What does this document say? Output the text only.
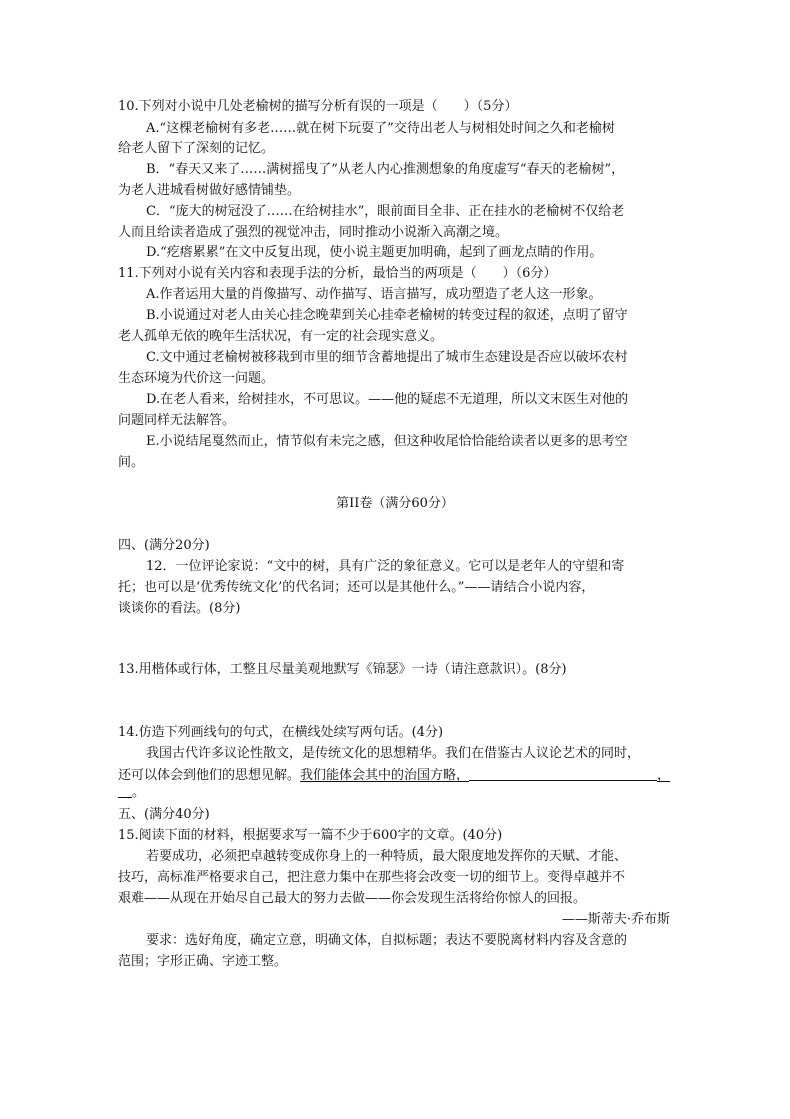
10.下列对小说中几处老榆树的描写分析有误的一项是（　　）（5分）
A.“这棵老榆树有多老……就在树下玩耍了”交待出老人与树相处时间之久和老榆树
给老人留下了深刻的记忆。
B．“春天又来了……满树摇曳了”从老人内心推测想象的角度虚写“春天的老榆树”，
为老人进城看树做好感情铺垫。
C．“庞大的树冠没了……在给树挂水”，眼前面目全非、正在挂水的老榆树不仅给老
人而且给读者造成了强烈的视觉冲击，同时推动小说渐入高潮之境。
D.“疙瘩累累”在文中反复出现，使小说主题更加明确，起到了画龙点睛的作用。
11.下列对小说有关内容和表现手法的分析，最恰当的两项是（　　）（6分）
A.作者运用大量的肖像描写、动作描写、语言描写，成功塑造了老人这一形象。
B.小说通过对老人由关心挂念晚辈到关心挂牵老榆树的转变过程的叙述，点明了留守
老人孤单无依的晚年生活状况，有一定的社会现实意义。
C.文中通过老榆树被移栽到市里的细节含蓄地提出了城市生态建设是否应以破坏农村
生态环境为代价这一问题。
D.在老人看来，给树挂水，不可思议。——他的疑虑不无道理，所以文末医生对他的
问题同样无法解答。
E.小说结尾戛然而止，情节似有未完之感，但这种收尾恰恰能给读者以更多的思考空
间。
第II卷（满分60分）
四、(满分20分)
12．一位评论家说：“文中的树，具有广泛的象征意义。它可以是老年人的守望和寄
托；也可以是‘优秀传统文化’的代名词；还可以是其他什么。”——请结合小说内容，
谈谈你的看法。(8分)
13.用楷体或行体，工整且尽量美观地默写《锦瑟》一诗（请注意款识）。(8分)
14.仿造下列画线句的句式，在横线处续写两句话。(4分)
我国古代许多议论性散文，是传统文化的思想精华。我们在借鉴古人议论艺术的同时，
还可以体会到他们的思想见解。我们能体会其中的治国方略，	，
。
五、(满分40分)
15.阅读下面的材料，根据要求写一篇不少于600字的文章。(40分)
若要成功，必须把卓越转变成你身上的一种特质，最大限度地发挥你的天赋、才能、
技巧，高标准严格要求自己，把注意力集中在那些将会改变一切的细节上。变得卓越并不
艰难——从现在开始尽自己最大的努力去做——你会发现生活将给你惊人的回报。
——斯蒂夫·乔布斯
要求：选好角度，确定立意，明确文体，自拟标题；表达不要脱离材料内容及含意的
范围；字形正确、字迹工整。
